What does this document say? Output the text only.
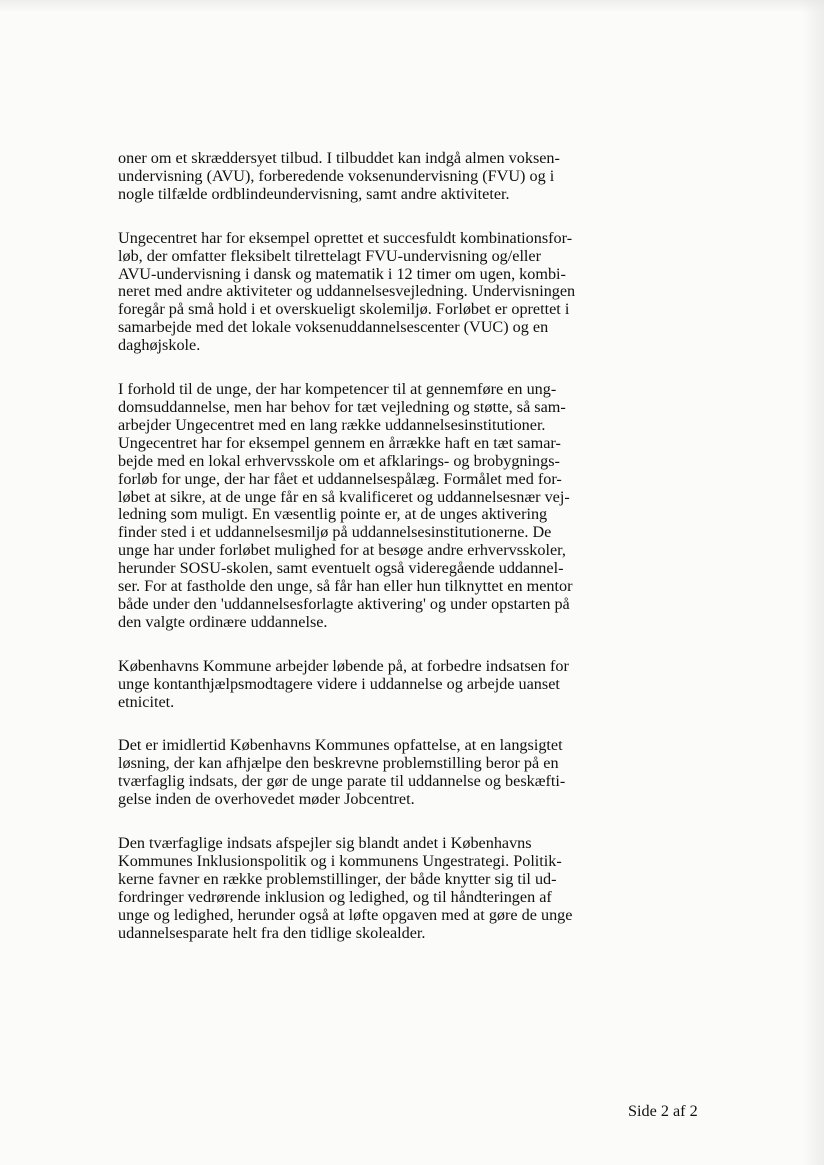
oner om et skræddersyet tilbud. I tilbuddet kan indgå almen voksen-
undervisning (AVU), forberedende voksenundervisning (FVU) og i
nogle tilfælde ordblindeundervisning, samt andre aktiviteter.

Ungecentret har for eksempel oprettet et succesfuldt kombinationsfor-
løb, der omfatter fleksibelt tilrettelagt FVU-undervisning og/eller
AVU-undervisning i dansk og matematik i 12 timer om ugen, kombi-
neret med andre aktiviteter og uddannelsesvejledning. Undervisningen
foregår på små hold i et overskueligt skolemiljø. Forløbet er oprettet i
samarbejde med det lokale voksenuddannelsescenter (VUC) og en
daghøjskole.

I forhold til de unge, der har kompetencer til at gennemføre en ung-
domsuddannelse, men har behov for tæt vejledning og støtte, så sam-
arbejder Ungecentret med en lang række uddannelsesinstitutioner.
Ungecentret har for eksempel gennem en årrække haft en tæt samar-
bejde med en lokal erhvervsskole om et afklarings- og brobygnings-
forløb for unge, der har fået et uddannelsespålæg. Formålet med for-
løbet at sikre, at de unge får en så kvalificeret og uddannelsesnær vej-
ledning som muligt. En væsentlig pointe er, at de unges aktivering
finder sted i et uddannelsesmiljø på uddannelsesinstitutionerne. De
unge har under forløbet mulighed for at besøge andre erhvervsskoler,
herunder SOSU-skolen, samt eventuelt også videregående uddannel-
ser. For at fastholde den unge, så får han eller hun tilknyttet en mentor
både under den 'uddannelsesforlagte aktivering' og under opstarten på
den valgte ordinære uddannelse.

Københavns Kommune arbejder løbende på, at forbedre indsatsen for
unge kontanthjælpsmodtagere videre i uddannelse og arbejde uanset
etnicitet.

Det er imidlertid Københavns Kommunes opfattelse, at en langsigtet
løsning, der kan afhjælpe den beskrevne problemstilling beror på en
tværfaglig indsats, der gør de unge parate til uddannelse og beskæfti-
gelse inden de overhovedet møder Jobcentret.

Den tværfaglige indsats afspejler sig blandt andet i Københavns
Kommunes Inklusionspolitik og i kommunens Ungestrategi. Politik-
kerne favner en række problemstillinger, der både knytter sig til ud-
fordringer vedrørende inklusion og ledighed, og til håndteringen af
unge og ledighed, herunder også at løfte opgaven med at gøre de unge
udannelsesparate helt fra den tidlige skolealder.

Side 2 af 2
